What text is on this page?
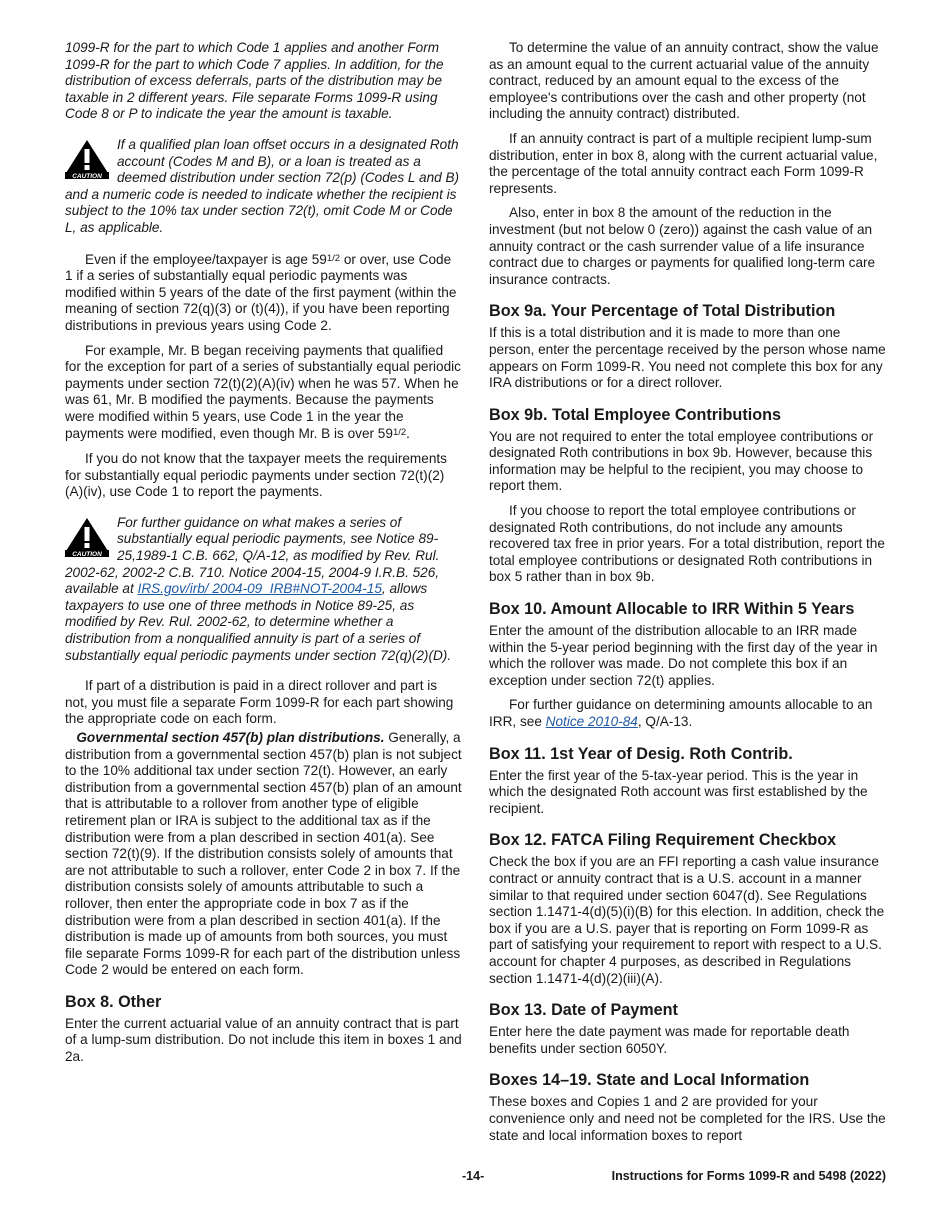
1099-R for the part to which Code 1 applies and another Form 1099-R for the part to which Code 7 applies. In addition, for the distribution of excess deferrals, parts of the distribution may be taxable in 2 different years. File separate Forms 1099-R using Code 8 or P to indicate the year the amount is taxable.

CAUTION

If a qualified plan loan offset occurs in a designated Roth account (Codes M and B), or a loan is treated as a deemed distribution under section 72(p) (Codes L and B) and a numeric code is needed to indicate whether the recipient is subject to the 10% tax under section 72(t), omit Code M or Code L, as applicable.

Even if the employee/taxpayer is age $59^{1/2}$ or over, use Code 1 if a series of substantially equal periodic payments was modified within 5 years of the date of the first payment (within the meaning of section 72(q)(3) or (t)(4)), if you have been reporting distributions in previous years using Code 2.

For example, Mr. B began receiving payments that qualified for the exception for part of a series of substantially equal periodic payments under section 72(t)(2)(A)(iv) when he was 57. When he was 61, Mr. B modified the payments. Because the payments were modified within 5 years, use Code 1 in the year the payments were modified, even though Mr. B is over $59^{1/2}$.

If you do not know that the taxpayer meets the requirements for substantially equal periodic payments under section 72(t)(2)(A)(iv), use Code 1 to report the payments.

CAUTION

For further guidance on what makes a series of substantially equal periodic payments, see Notice 89-25,1989-1 C.B. 662, Q/A-12, as modified by Rev. Rul. 2002-62, 2002-2 C.B. 710. Notice 2004-15, 2004-9 I.R.B. 526, available at IRS.gov/irb/ 2004-09_IRB#NOT-2004-15, allows taxpayers to use one of three methods in Notice 89-25, as modified by Rev. Rul. 2002-62, to determine whether a distribution from a nonqualified annuity is part of a series of substantially equal periodic payments under section 72(q)(2)(D).

If part of a distribution is paid in a direct rollover and part is not, you must file a separate Form 1099-R for each part showing the appropriate code on each form.

Governmental section 457(b) plan distributions. Generally, a distribution from a governmental section 457(b) plan is not subject to the 10% additional tax under section 72(t). However, an early distribution from a governmental section 457(b) plan of an amount that is attributable to a rollover from another type of eligible retirement plan or IRA is subject to the additional tax as if the distribution were from a plan described in section 401(a). See section 72(t)(9). If the distribution consists solely of amounts that are not attributable to such a rollover, enter Code 2 in box 7. If the distribution consists solely of amounts attributable to such a rollover, then enter the appropriate code in box 7 as if the distribution were from a plan described in section 401(a). If the distribution is made up of amounts from both sources, you must file separate Forms 1099-R for each part of the distribution unless Code 2 would be entered on each form.

Box 8. Other

Enter the current actuarial value of an annuity contract that is part of a lump-sum distribution. Do not include this item in boxes 1 and 2a.

To determine the value of an annuity contract, show the value as an amount equal to the current actuarial value of the annuity contract, reduced by an amount equal to the excess of the employee's contributions over the cash and other property (not including the annuity contract) distributed.

If an annuity contract is part of a multiple recipient lump-sum distribution, enter in box 8, along with the current actuarial value, the percentage of the total annuity contract each Form 1099-R represents.

Also, enter in box 8 the amount of the reduction in the investment (but not below 0 (zero)) against the cash value of an annuity contract or the cash surrender value of a life insurance contract due to charges or payments for qualified long-term care insurance contracts.

Box 9a. Your Percentage of Total Distribution

If this is a total distribution and it is made to more than one person, enter the percentage received by the person whose name appears on Form 1099-R. You need not complete this box for any IRA distributions or for a direct rollover.

Box 9b. Total Employee Contributions

You are not required to enter the total employee contributions or designated Roth contributions in box 9b. However, because this information may be helpful to the recipient, you may choose to report them.

If you choose to report the total employee contributions or designated Roth contributions, do not include any amounts recovered tax free in prior years. For a total distribution, report the total employee contributions or designated Roth contributions in box 5 rather than in box 9b.

Box 10. Amount Allocable to IRR Within 5 Years

Enter the amount of the distribution allocable to an IRR made within the 5-year period beginning with the first day of the year in which the rollover was made. Do not complete this box if an exception under section 72(t) applies.

For further guidance on determining amounts allocable to an IRR, see Notice 2010-84, Q/A-13.

Box 11. 1st Year of Desig. Roth Contrib.

Enter the first year of the 5-tax-year period. This is the year in which the designated Roth account was first established by the recipient.

Box 12. FATCA Filing Requirement Checkbox

Check the box if you are an FFI reporting a cash value insurance contract or annuity contract that is a U.S. account in a manner similar to that required under section 6047(d). See Regulations section 1.1471-4(d)(5)(i)(B) for this election. In addition, check the box if you are a U.S. payer that is reporting on Form 1099-R as part of satisfying your requirement to report with respect to a U.S. account for chapter 4 purposes, as described in Regulations section 1.1471-4(d)(2)(iii)(A).

Box 13. Date of Payment

Enter here the date payment was made for reportable death benefits under section 6050Y.

Boxes 14–19. State and Local Information

These boxes and Copies 1 and 2 are provided for your convenience only and need not be completed for the IRS. Use the state and local information boxes to report

-14-	Instructions for Forms 1099-R and 5498 (2022)
